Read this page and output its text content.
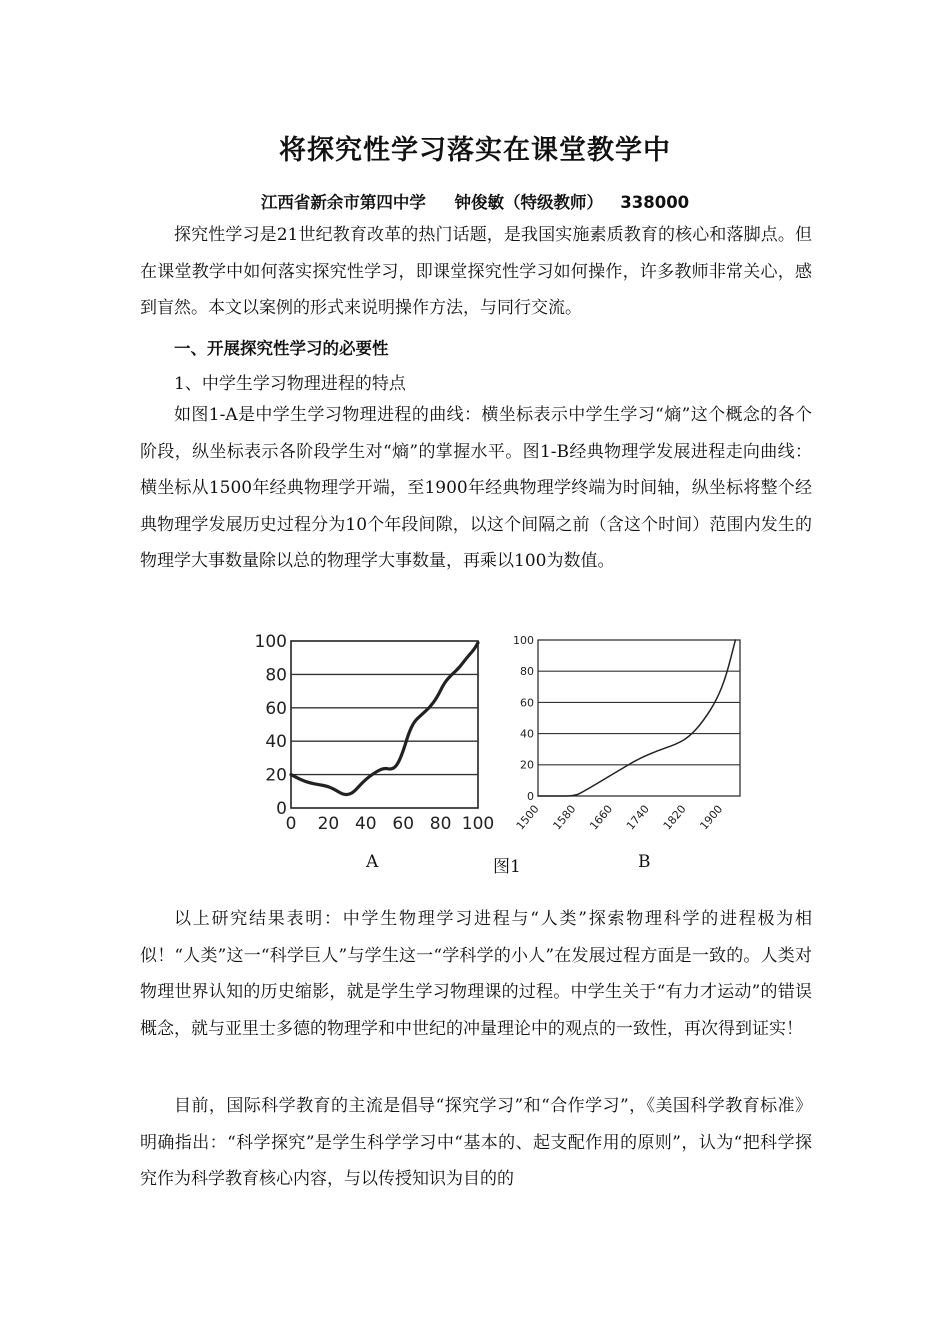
将探究性学习落实在课堂教学中
江西省新余市第四中学     钟俊敏（特级教师）   338000
探究性学习是21世纪教育改革的热门话题，是我国实施素质教育的核心和落脚点。但在课堂教学中如何落实探究性学习，即课堂探究性学习如何操作，许多教师非常关心，感到盲然。本文以案例的形式来说明操作方法，与同行交流。
一、开展探究性学习的必要性
1、中学生学习物理进程的特点
如图1-A是中学生学习物理进程的曲线：横坐标表示中学生学习“熵”这个概念的各个阶段，纵坐标表示各阶段学生对“熵”的掌握水平。图1-B经典物理学发展进程走向曲线：横坐标从1500年经典物理学开端，至1900年经典物理学终端为时间轴，纵坐标将整个经典物理学发展历史过程分为10个年段间隙，以这个间隔之前（含这个时间）范围内发生的物理学大事数量除以总的物理学大事数量，再乘以100为数值。
0
20
40
60
80
100
0 20 40 60 80 100
0
20
40
60
80
100
1500 1580 1660 1740 1820 1900
A	图1	B
以上研究结果表明：中学生物理学习进程与“人类”探索物理科学的进程极为相似！“人类”这一“科学巨人”与学生这一“学科学的小人”在发展过程方面是一致的。人类对物理世界认知的历史缩影，就是学生学习物理课的过程。中学生关于“有力才运动”的错误概念，就与亚里士多德的物理学和中世纪的冲量理论中的观点的一致性，再次得到证实！
目前，国际科学教育的主流是倡导“探究学习”和“合作学习”，《美国科学教育标准》明确指出：“科学探究”是学生科学学习中“基本的、起支配作用的原则”，认为“把科学探究作为科学教育核心内容，与以传授知识为目的的
